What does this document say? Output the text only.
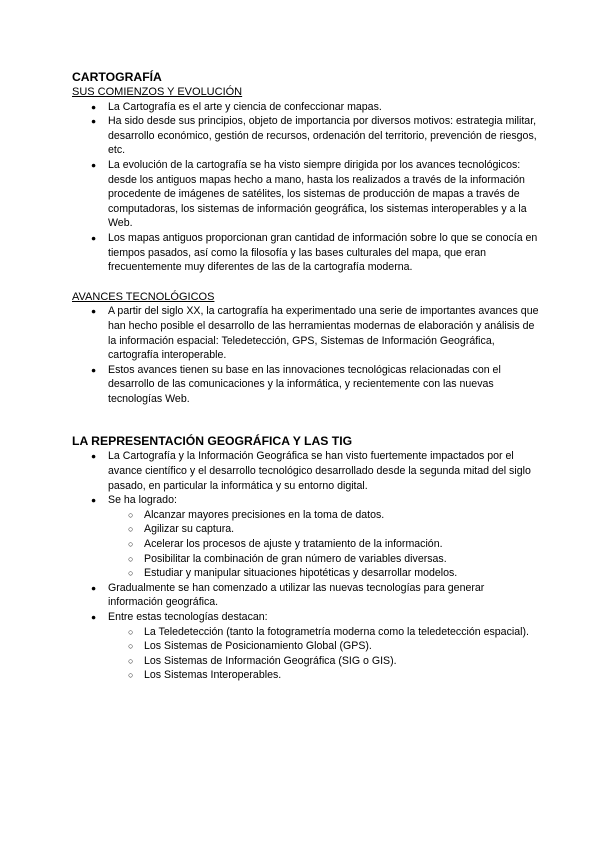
CARTOGRAFÍA

SUS COMIENZOS Y EVOLUCIÓN

● La Cartografía es el arte y ciencia de confeccionar mapas.
● Ha sido desde sus principios, objeto de importancia por diversos motivos: estrategia militar, desarrollo económico, gestión de recursos, ordenación del territorio, prevención de riesgos, etc.
● La evolución de la cartografía se ha visto siempre dirigida por los avances tecnológicos: desde los antiguos mapas hecho a mano, hasta los realizados a través de la información procedente de imágenes de satélites, los sistemas de producción de mapas a través de computadoras, los sistemas de información geográfica, los sistemas interoperables y a la Web.
● Los mapas antiguos proporcionan gran cantidad de información sobre lo que se conocía en tiempos pasados, así como la filosofía y las bases culturales del mapa, que eran frecuentemente muy diferentes de las de la cartografía moderna.

AVANCES TECNOLÓGICOS

● A partir del siglo XX, la cartografía ha experimentado una serie de importantes avances que han hecho posible el desarrollo de las herramientas modernas de elaboración y análisis de la información espacial: Teledetección, GPS, Sistemas de Información Geográfica, cartografía interoperable.
● Estos avances tienen su base en las innovaciones tecnológicas relacionadas con el desarrollo de las comunicaciones y la informática, y recientemente con las nuevas tecnologías Web.
LA REPRESENTACIÓN GEOGRÁFICA Y LAS TIG
● La Cartografía y la Información Geográfica se han visto fuertemente impactados por el avance científico y el desarrollo tecnológico desarrollado desde la segunda mitad del siglo pasado, en particular la informática y su entorno digital.
● Se ha logrado:
○ Alcanzar mayores precisiones en la toma de datos.
○ Agilizar su captura.
○ Acelerar los procesos de ajuste y tratamiento de la información.
○ Posibilitar la combinación de gran número de variables diversas.
○ Estudiar y manipular situaciones hipotéticas y desarrollar modelos.
● Gradualmente se han comenzado a utilizar las nuevas tecnologías para generar información geográfica.
● Entre estas tecnologías destacan:
○ La Teledetección (tanto la fotogrametría moderna como la teledetección espacial).
○ Los Sistemas de Posicionamiento Global (GPS).
○ Los Sistemas de Información Geográfica (SIG o GIS).
○ Los Sistemas Interoperables.
